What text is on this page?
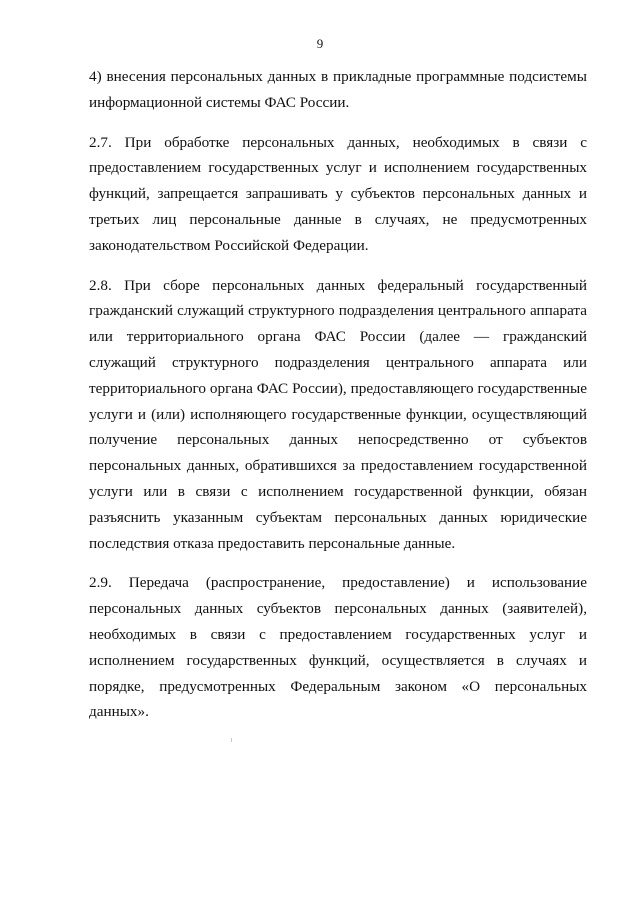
9

4) внесения персональных данных в прикладные программные подсистемы информационной системы ФАС России.

2.7. При обработке персональных данных, необходимых в связи с предоставлением государственных услуг и исполнением государственных функций, запрещается запрашивать у субъектов персональных данных и третьих лиц персональные данные в случаях, не предусмотренных законодательством Российской Федерации.

2.8. При сборе персональных данных федеральный государственный гражданский служащий структурного подразделения центрального аппарата или территориального органа ФАС России (далее — гражданский служащий структурного подразделения центрального аппарата или территориального органа ФАС России), предоставляющего государственные услуги и (или) исполняющего государственные функции, осуществляющий получение персональных данных непосредственно от субъектов персональных данных, обратившихся за предоставлением государственной услуги или в связи с исполнением государственной функции, обязан разъяснить указанным субъектам персональных данных юридические последствия отказа предоставить персональные данные.

2.9. Передача (распространение, предоставление) и использование персональных данных субъектов персональных данных (заявителей), необходимых в связи с предоставлением государственных услуг и исполнением государственных функций, осуществляется в случаях и порядке, предусмотренных Федеральным законом «О персональных данных».
